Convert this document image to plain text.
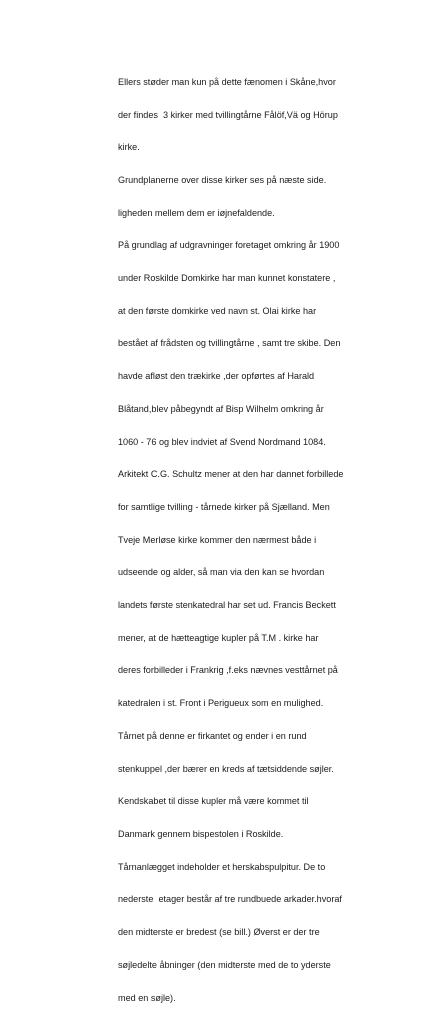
Ellers støder man kun på dette fænomen i Skåne,hvor

der findes  3 kirker med tvillingtårne Fålöf,Vä og Hörup

kirke.

Grundplanerne over disse kirker ses på næste side.

ligheden mellem dem er iøjnefaldende.

På grundlag af udgravninger foretaget omkring år 1900

under Roskilde Domkirke har man kunnet konstatere ,

at den første domkirke ved navn st. Olai kirke har

bestået af frådsten og tvillingtårne , samt tre skibe. Den

havde afløst den trækirke ,der opførtes af Harald

Blåtand,blev påbegyndt af Bisp Wilhelm omkring år

1060 - 76 og blev indviet af Svend Nordmand 1084.

Arkitekt C.G. Schultz mener at den har dannet forbillede

for samtlige tvilling - tårnede kirker på Sjælland. Men

Tveje Merløse kirke kommer den nærmest både i

udseende og alder, så man via den kan se hvordan

landets første stenkatedral har set ud. Francis Beckett

mener, at de hætteagtige kupler på T.M . kirke har

deres forbilleder i Frankrig ,f.eks nævnes vesttårnet på

katedralen i st. Front i Perigueux som en mulighed.

Tårnet på denne er firkantet og ender i en rund

stenkuppel ,der bærer en kreds af tætsiddende søjler.

Kendskabet til disse kupler må være kommet til

Danmark gennem bispestolen i Roskilde.

Tårnanlægget indeholder et herskabspulpitur. De to

nederste  etager består af tre rundbuede arkader.hvoraf

den midterste er bredest (se bill.) Øverst er der tre

søjledelte åbninger (den midterste med de to yderste

med en søjle).
